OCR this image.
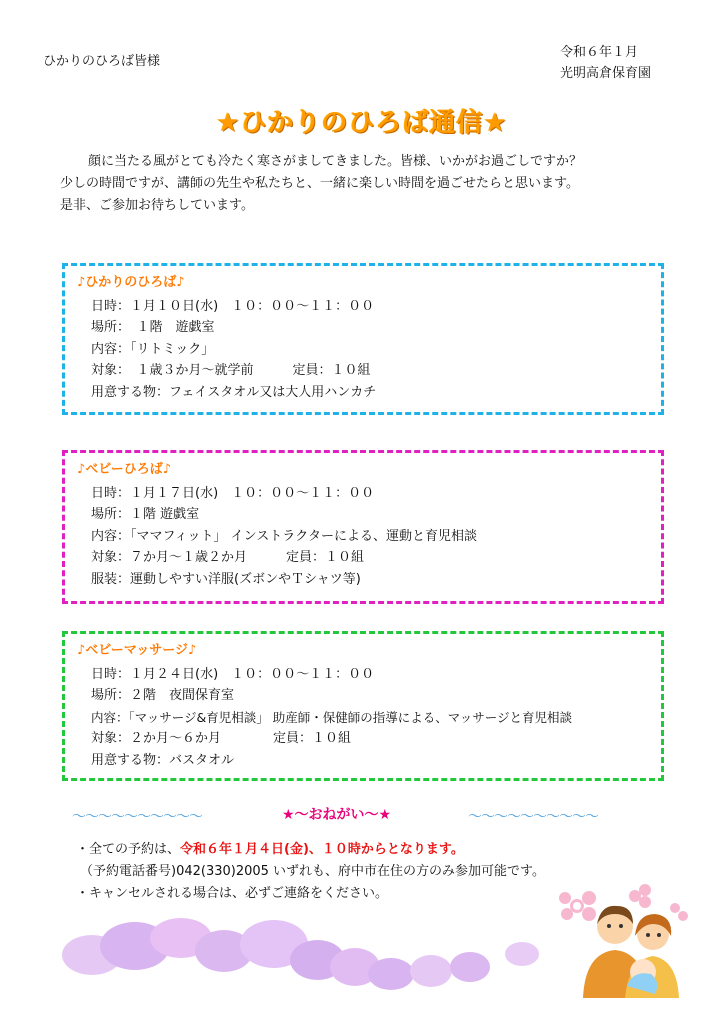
ひかりのひろば皆様
令和６年１月
光明高倉保育園
★ひかりのひろば通信★
顔に当たる風がとても冷たく寒さがましてきました。皆様、いかがお過ごしですか？
少しの時間ですが、講師の先生や私たちと、一緒に楽しい時間を過ごせたらと思います。
是非、ご参加お待ちしています。
♪ひかりのひろば♪
日時：１月１０日(水)　１０：００～１１：００
場所：　１階　遊戯室
内容：「リトミック」
対象：　１歳３か月～就学前　　　定員：１０組
用意する物：フェイスタオル又は大人用ハンカチ
♪ベビーひろば♪
日時：１月１７日(水)　１０：００～１１：００
場所：１階 遊戯室
内容：「ママフィット」 インストラクターによる、運動と育児相談
対象：７か月～１歳２か月　　　定員：１０組
服装：運動しやすい洋服(ズボンやＴシャツ等)
♪ベビーマッサージ♪
日時：１月２４日(水)　１０：００～１１：００
場所：２階　夜間保育室
内容：「マッサージ&育児相談」 助産師・保健師の指導による、マッサージと育児相談
対象：２か月～６か月　　　　定員：１０組
用意する物：バスタオル
～～～～～～～～～～	★～おねがい～★	～～～～～～～～～～
・全ての予約は、令和６年１月４日(金)、１０時からとなります。
（予約電話番号)042(330)2005 いずれも、府中市在住の方のみ参加可能です。
・キャンセルされる場合は、必ずご連絡をください。
